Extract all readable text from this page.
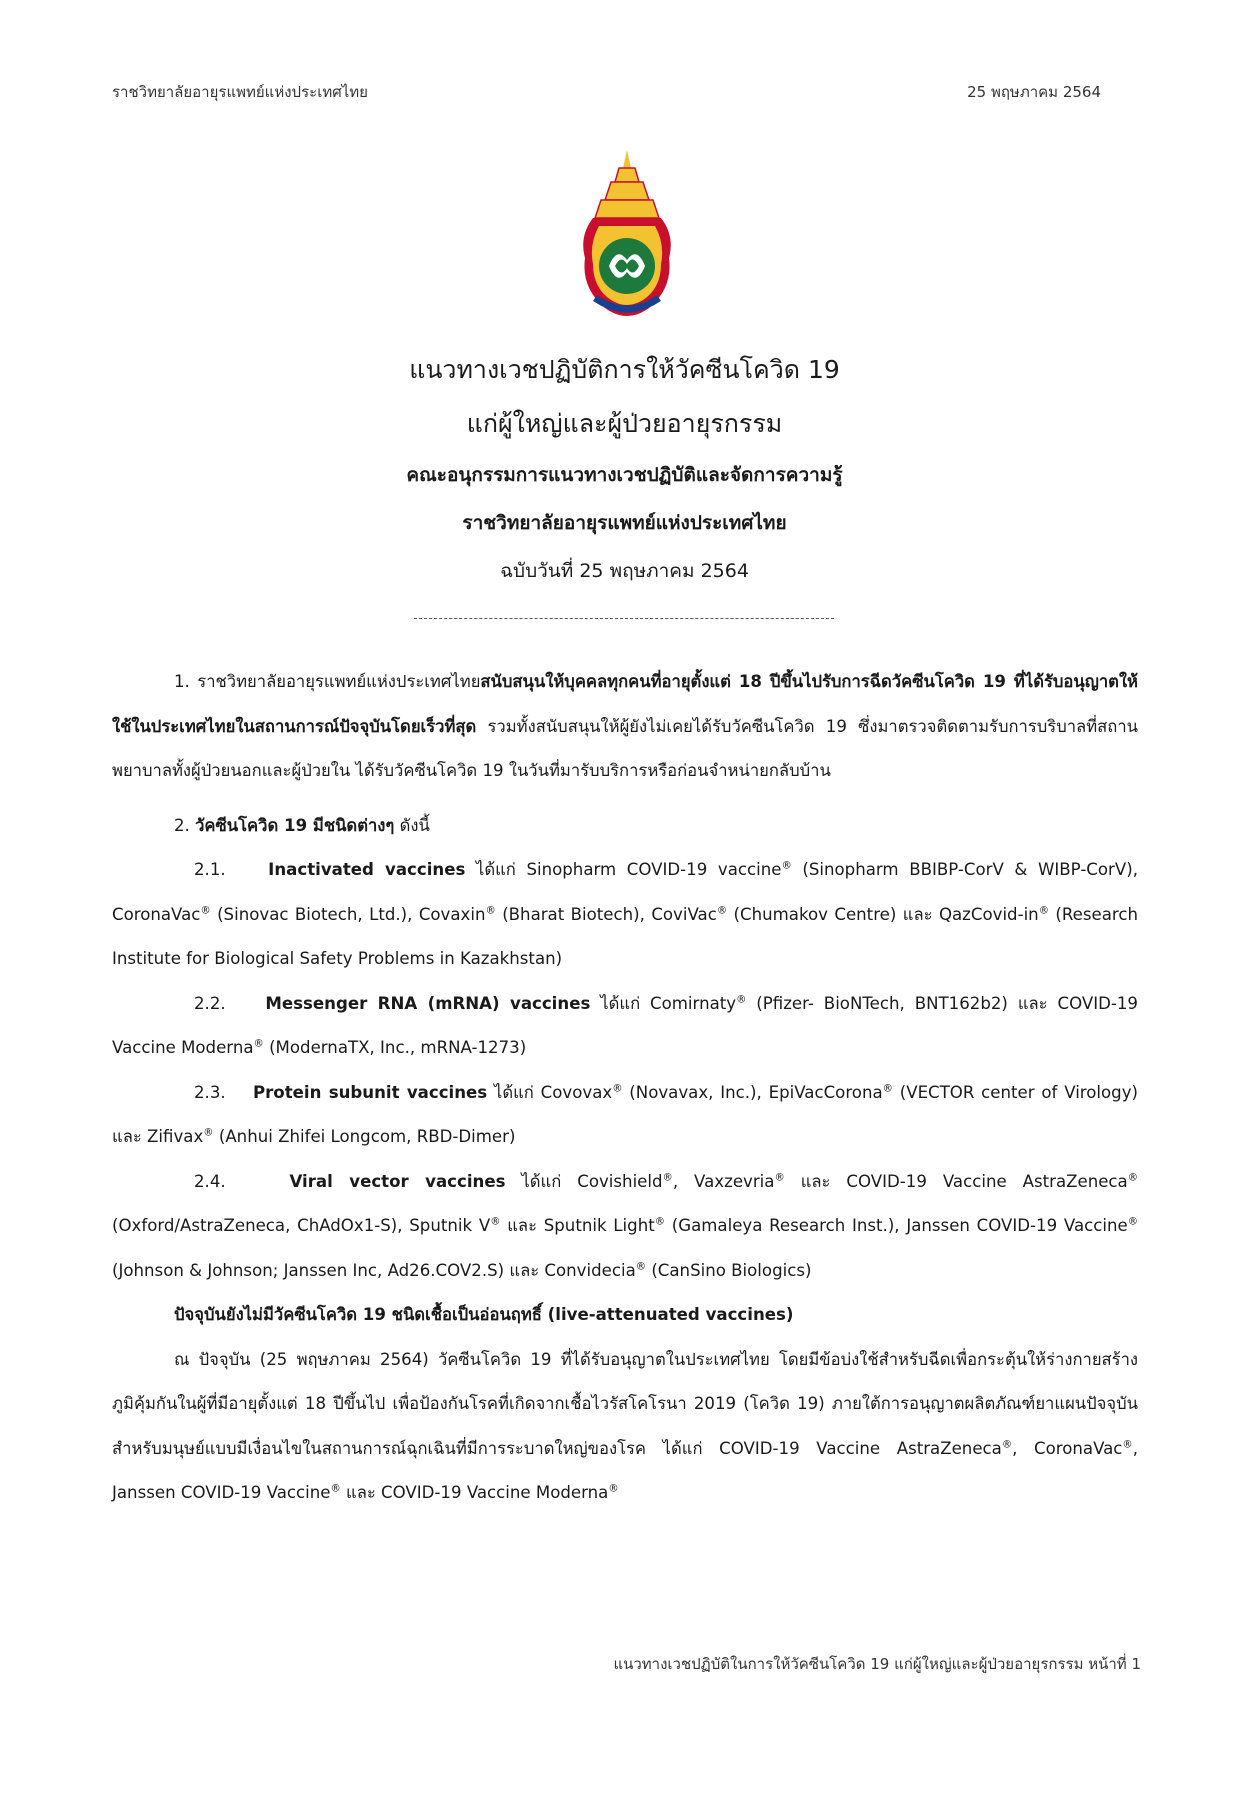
ราชวิทยาลัยอายุรแพทย์แห่งประเทศไทย	25 พฤษภาคม 2564
แนวทางเวชปฏิบัติการให้วัคซีนโควิด 19
แก่ผู้ใหญ่และผู้ป่วยอายุรกรรม
คณะอนุกรรมการแนวทางเวชปฏิบัติและจัดการความรู้
ราชวิทยาลัยอายุรแพทย์แห่งประเทศไทย
ฉบับวันที่ 25 พฤษภาคม 2564

1. ราชวิทยาลัยอายุรแพทย์แห่งประเทศไทยสนับสนุนให้บุคคลทุกคนที่อายุตั้งแต่ 18 ปีขึ้นไปรับการฉีดวัคซีนโควิด 19 ที่ได้รับอนุญาตให้ใช้ในประเทศไทยในสถานการณ์ปัจจุบันโดยเร็วที่สุด รวมทั้งสนับสนุนให้ผู้ยังไม่เคยได้รับวัคซีนโควิด 19 ซึ่งมาตรวจติดตามรับการบริบาลที่สถานพยาบาลทั้งผู้ป่วยนอกและผู้ป่วยใน ได้รับวัคซีนโควิด 19 ในวันที่มารับบริการหรือก่อนจำหน่ายกลับบ้าน

2. วัคซีนโควิด 19 มีชนิดต่างๆ ดังนี้

2.1.	Inactivated vaccines ได้แก่ Sinopharm COVID-19 vaccine® (Sinopharm BBIBP-CorV & WIBP-CorV), CoronaVac® (Sinovac Biotech, Ltd.), Covaxin® (Bharat Biotech), CoviVac® (Chumakov Centre) และ QazCovid-in® (Research Institute for Biological Safety Problems in Kazakhstan)

2.2. Messenger RNA (mRNA) vaccines ได้แก่ Comirnaty® (Pfizer- BioNTech, BNT162b2) และ COVID-19 Vaccine Moderna® (ModernaTX, Inc., mRNA-1273)

2.3. Protein subunit vaccines ได้แก่ Covovax® (Novavax, Inc.), EpiVacCorona® (VECTOR center of Virology) และ Zifivax® (Anhui Zhifei Longcom, RBD-Dimer)

2.4.	Viral vector vaccines ได้แก่ Covishield®, Vaxzevria® และ COVID-19 Vaccine AstraZeneca® (Oxford/AstraZeneca, ChAdOx1-S), Sputnik V® และ Sputnik Light® (Gamaleya Research Inst.), Janssen COVID-19 Vaccine® (Johnson & Johnson; Janssen Inc, Ad26.COV2.S) และ Convidecia® (CanSino Biologics)

ปัจจุบันยังไม่มีวัคซีนโควิด 19 ชนิดเชื้อเป็นอ่อนฤทธิ์ (live-attenuated vaccines)

ณ ปัจจุบัน (25 พฤษภาคม 2564) วัคซีนโควิด 19 ที่ได้รับอนุญาตในประเทศไทย โดยมีข้อบ่งใช้สำหรับฉีดเพื่อกระตุ้นให้ร่างกายสร้างภูมิคุ้มกันในผู้ที่มีอายุตั้งแต่ 18 ปีขึ้นไป เพื่อป้องกันโรคที่เกิดจากเชื้อไวรัสโคโรนา 2019 (โควิด 19) ภายใต้การอนุญาตผลิตภัณฑ์ยาแผนปัจจุบันสำหรับมนุษย์แบบมีเงื่อนไขในสถานการณ์ฉุกเฉินที่มีการระบาดใหญ่ของโรค ได้แก่ COVID-19 Vaccine AstraZeneca®, CoronaVac®, Janssen COVID-19 Vaccine® และ COVID-19 Vaccine Moderna®

แนวทางเวชปฏิบัติในการให้วัคซีนโควิด 19 แก่ผู้ใหญ่และผู้ป่วยอายุรกรรม หน้าที่ 1
